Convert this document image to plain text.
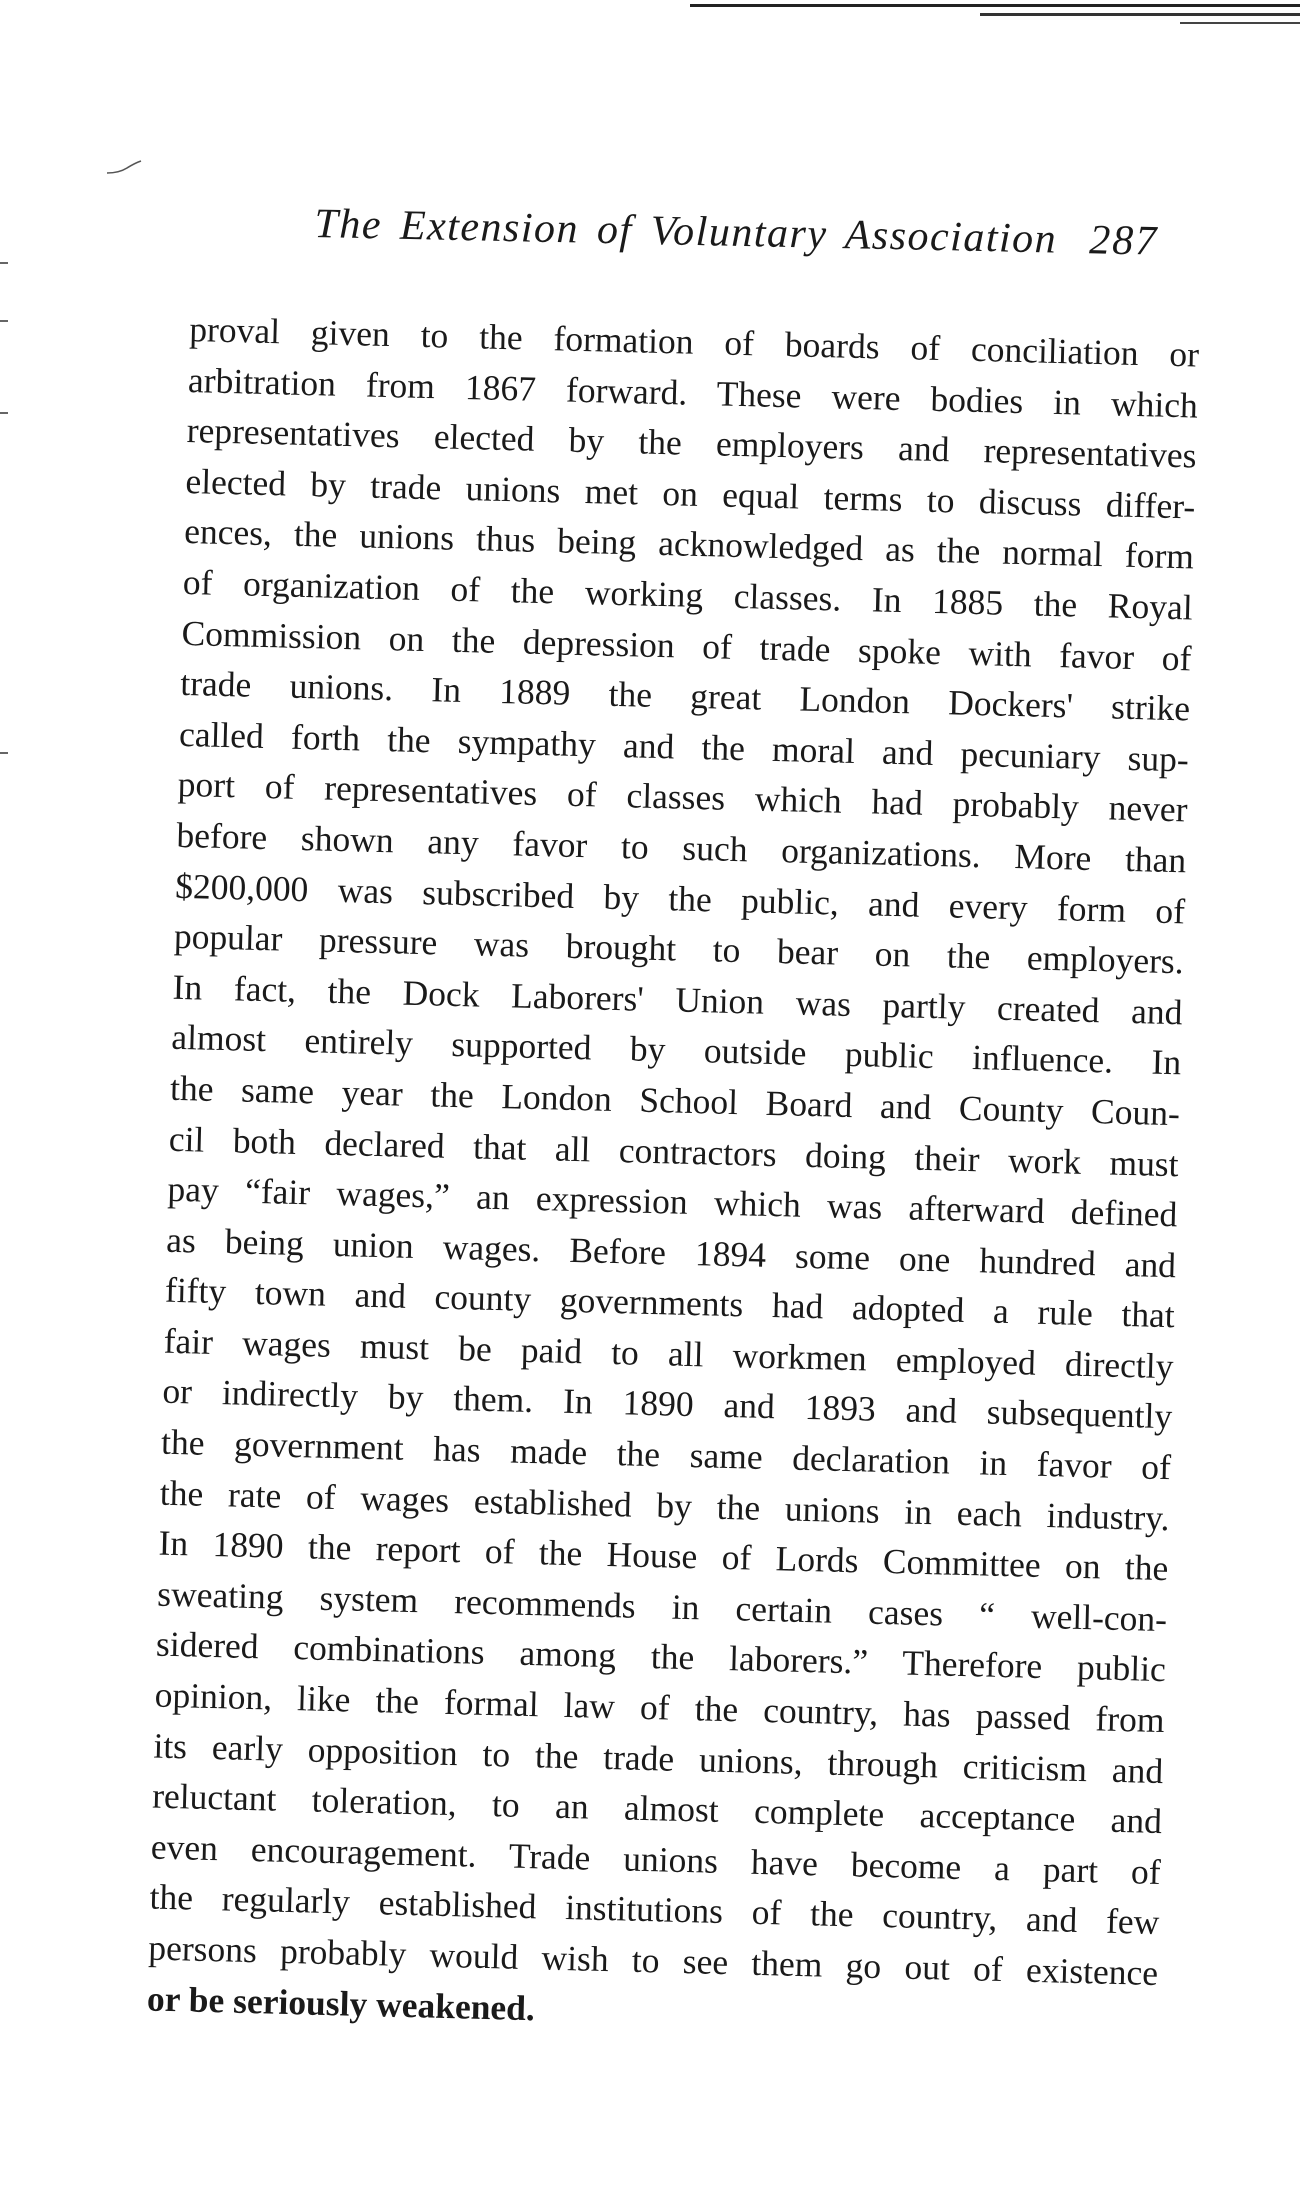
The Extension of Voluntary Association 287
proval given to the formation of boards of conciliation or
arbitration from 1867 forward. These were bodies in which
representatives elected by the employers and representatives
elected by trade unions met on equal terms to discuss differ-
ences, the unions thus being acknowledged as the normal form
of organization of the working classes. In 1885 the Royal
Commission on the depression of trade spoke with favor of
trade unions. In 1889 the great London Dockers' strike
called forth the sympathy and the moral and pecuniary sup-
port of representatives of classes which had probably never
before shown any favor to such organizations. More than
$200,000 was subscribed by the public, and every form of
popular pressure was brought to bear on the employers.
In fact, the Dock Laborers' Union was partly created and
almost entirely supported by outside public influence. In
the same year the London School Board and County Coun-
cil both declared that all contractors doing their work must
pay “fair wages,” an expression which was afterward defined
as being union wages. Before 1894 some one hundred and
fifty town and county governments had adopted a rule that
fair wages must be paid to all workmen employed directly
or indirectly by them. In 1890 and 1893 and subsequently
the government has made the same declaration in favor of
the rate of wages established by the unions in each industry.
In 1890 the report of the House of Lords Committee on the
sweating system recommends in certain cases “ well-con-
sidered combinations among the laborers.” Therefore public
opinion, like the formal law of the country, has passed from
its early opposition to the trade unions, through criticism and
reluctant toleration, to an almost complete acceptance and
even encouragement. Trade unions have become a part of
the regularly established institutions of the country, and few
persons probably would wish to see them go out of existence
or be seriously weakened.
